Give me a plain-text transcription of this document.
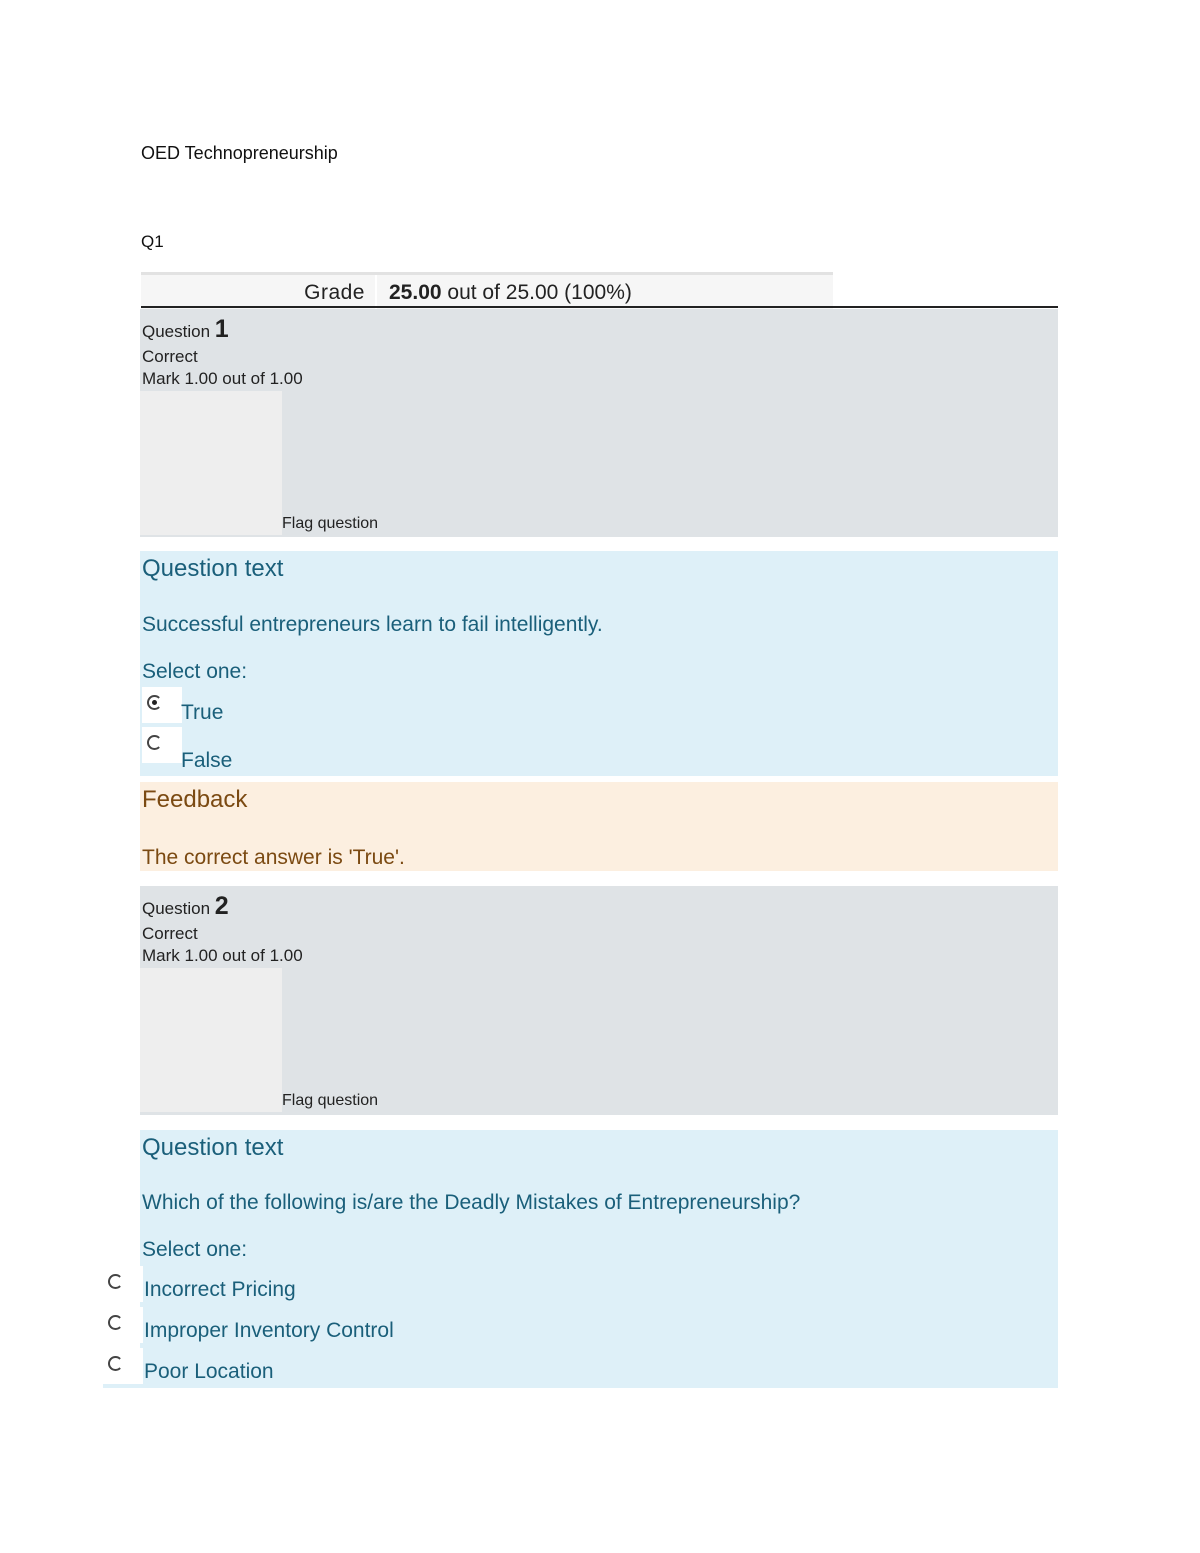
OED Technopreneurship
Q1
Grade 25.00 out of 25.00 (100%)
Question 1
Correct
Mark 1.00 out of 1.00
Flag question
Question text
Successful entrepreneurs learn to fail intelligently.
Select one:
True
False
Feedback
The correct answer is 'True'.
Question 2
Correct
Mark 1.00 out of 1.00
Flag question
Question text
Which of the following is/are the Deadly Mistakes of Entrepreneurship?
Select one:
Incorrect Pricing
Improper Inventory Control
Poor Location
